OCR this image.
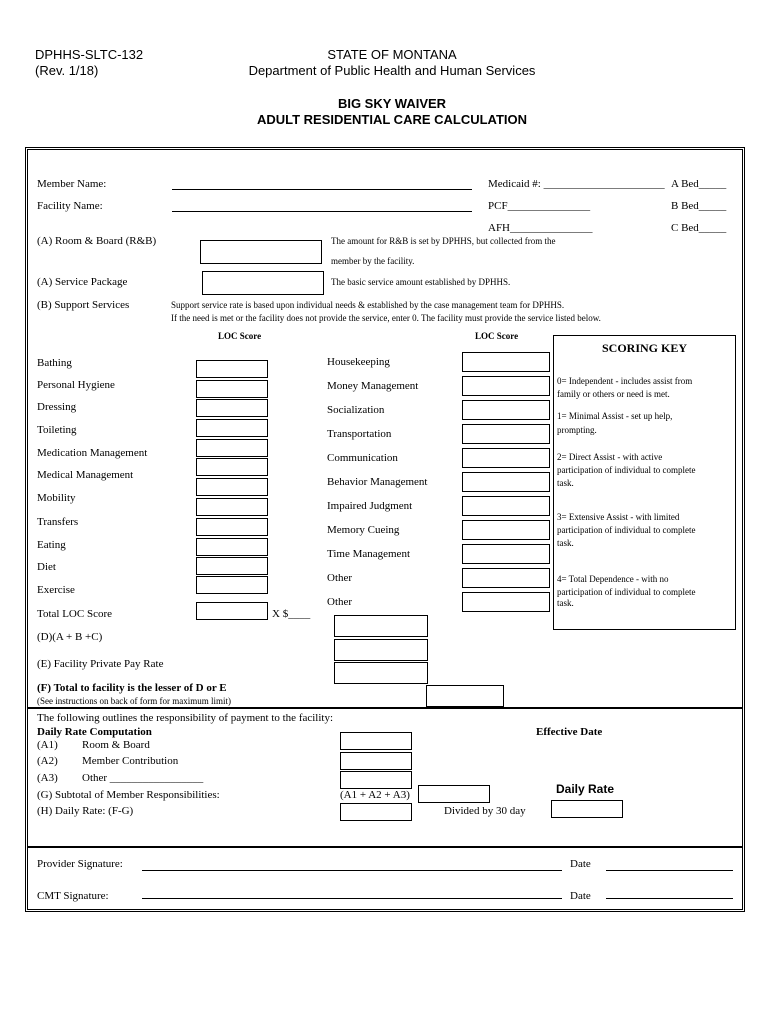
DPHHS-SLTC-132
(Rev. 1/18)
STATE OF MONTANA
Department of Public Health and Human Services
BIG SKY WAIVER
ADULT RESIDENTIAL CARE CALCULATION
Member Name:
Facility Name:
Medicaid #: ______________________
PCF_______________
AFH_______________
A Bed_____
B Bed_____
C Bed_____
(A) Room & Board (R&B)	The amount for R&B is set by DPHHS, but collected from the
member by the facility.
(A) Service Package	The basic service amount established by DPHHS.
(B) Support Services	Support service rate is based upon individual needs & established by the case management team for DPHHS.
If the need is met or the facility does not provide the service, enter 0. The facility must provide the service listed below.
LOC Score	LOC Score
Bathing
Personal Hygiene
Dressing
Toileting
Medication Management
Medical Management
Mobility
Transfers
Eating
Diet
Exercise
Housekeeping
Money Management
Socialization
Transportation
Communication
Behavior Management
Impaired Judgment
Memory Cueing
Time Management
Other
Other
Total LOC Score	X $____
(D)(A + B +C)
(E) Facility Private Pay Rate
(F) Total to facility is the lesser of D or E
(See instructions on back of form for maximum limit)
SCORING KEY
0= Independent - includes assist from
family or others or need is met.
1= Minimal Assist - set up help,
prompting.
2= Direct Assist - with active
participation of individual to complete
task.
3= Extensive Assist - with limited
participation of individual to complete
task.
4= Total Dependence - with no
participation of individual to complete
task.
The following outlines the responsibility of payment to the facility:
Daily Rate Computation	Effective Date
(A1) Room & Board
(A2) Member Contribution
(A3) Other _________________
(G) Subtotal of Member Responsibilities:	(A1 + A2 + A3)	Daily Rate
(H) Daily Rate: (F-G)	Divided by 30 day
Provider Signature:	Date
CMT Signature:	Date
